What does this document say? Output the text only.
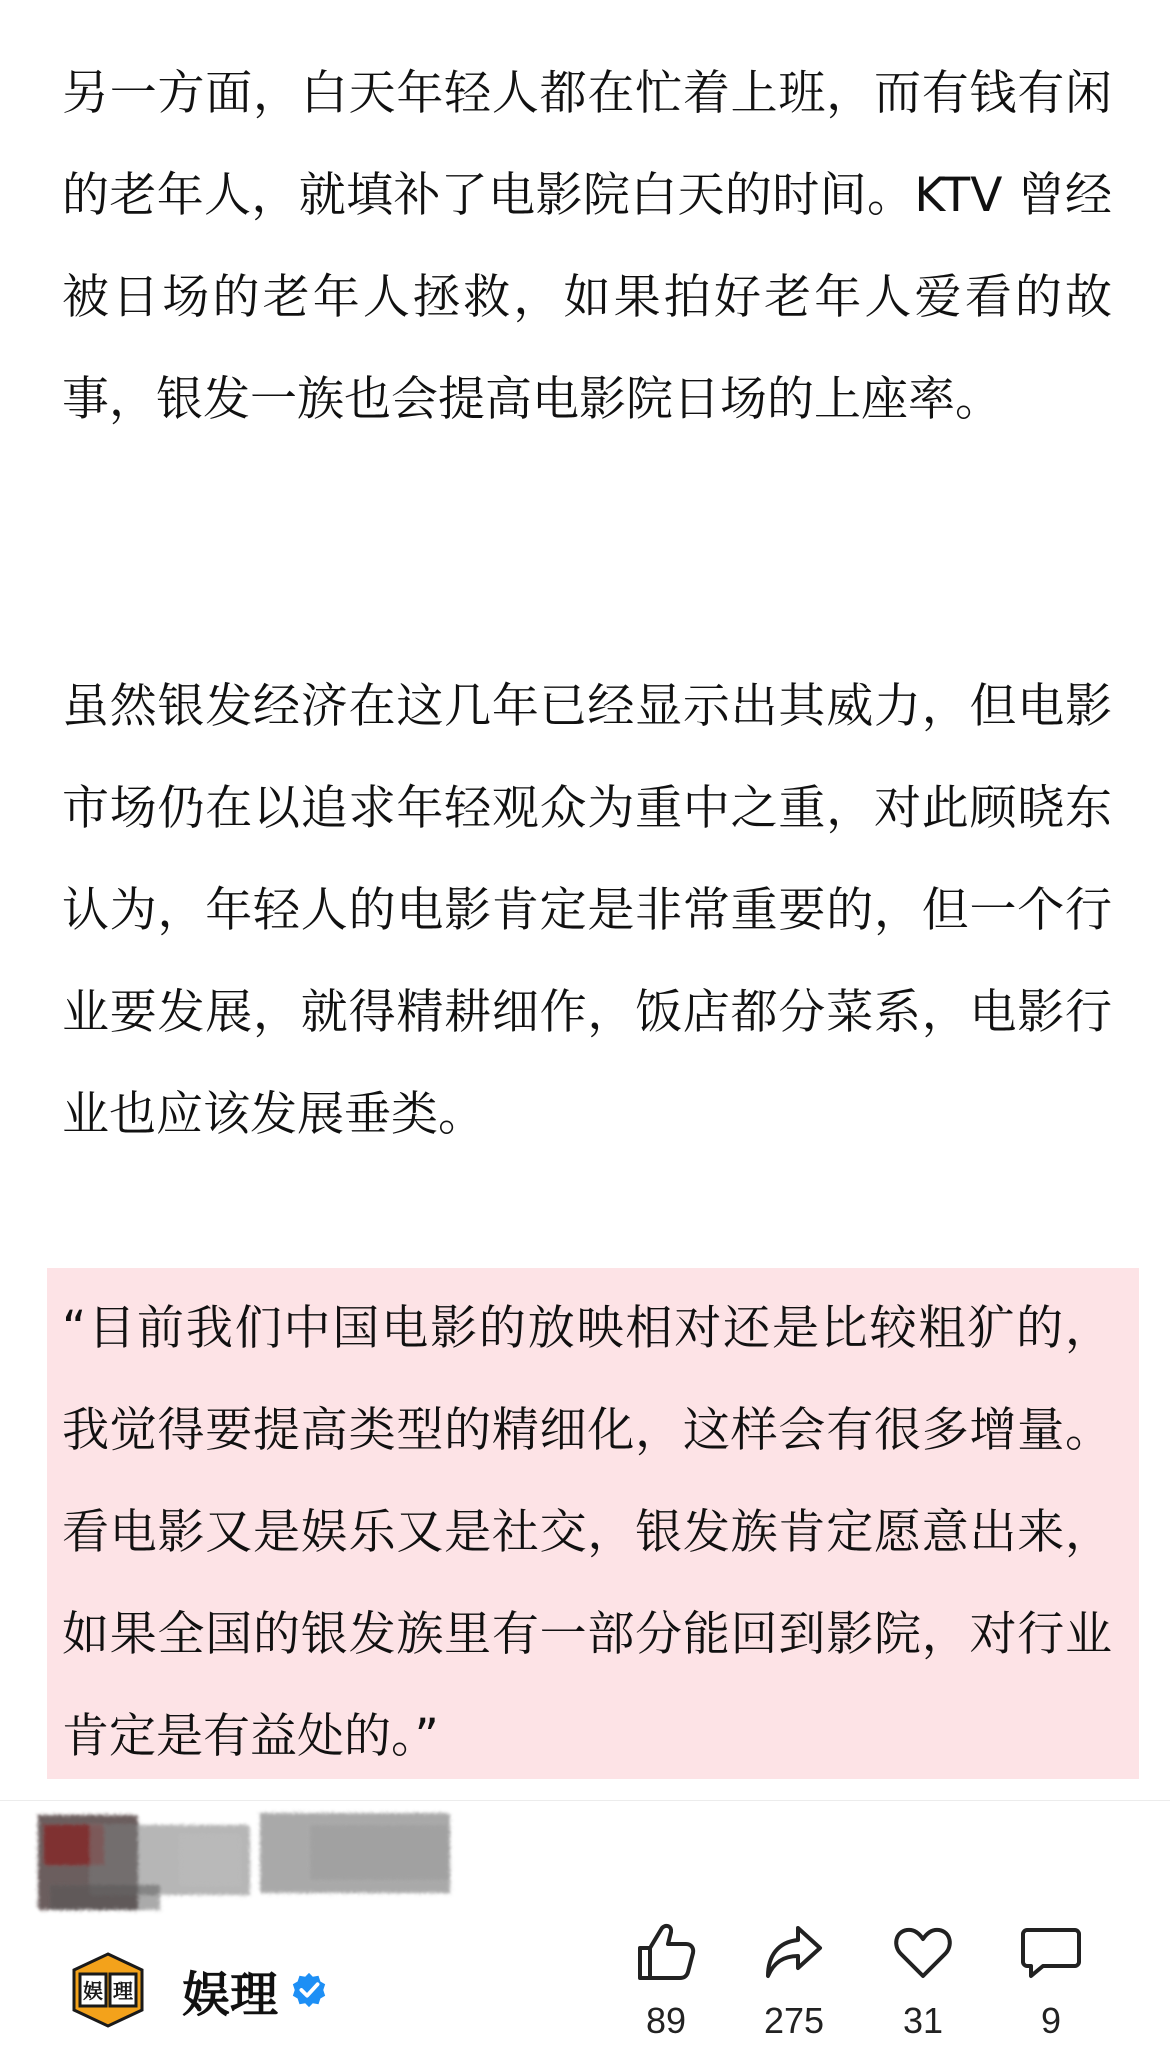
另一方面，白天年轻人都在忙着上班，而有钱有闲的老年人，就填补了电影院白天的时间。KTV 曾经被日场的老年人拯救，如果拍好老年人爱看的故事，银发一族也会提高电影院日场的上座率。

虽然银发经济在这几年已经显示出其威力，但电影市场仍在以追求年轻观众为重中之重，对此顾晓东认为，年轻人的电影肯定是非常重要的，但一个行业要发展，就得精耕细作，饭店都分菜系，电影行业也应该发展垂类。

“目前我们中国电影的放映相对还是比较粗犷的，我觉得要提高类型的精细化，这样会有很多增量。看电影又是娱乐又是社交，银发族肯定愿意出来，如果全国的银发族里有一部分能回到影院，对行业肯定是有益处的。”

娱 理 娱理	89 275 31	9
